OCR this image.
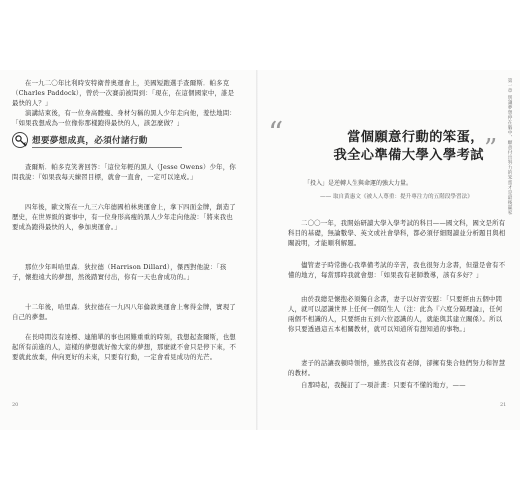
在一九二〇年比利時安特衛普奧運會上，美國短跑選手查爾斯．帕多克（Charles Paddock），曾於一次賽前被問到：「現在，在這個國家中，誰是最快的人？」

演講結束後，有一位身高體瘦、身材匀稱的黑人少年走向他，羞怯地問：「如果我想成為一位像你那樣跑得最快的人，該怎麼做？」

想要夢想成真，必須付諸行動

查爾斯．帕多克笑著回答：「這位年輕的黑人（Jesse Owens）少年，你問我說：『如果我每天練習目標，就會一直會，一定可以達成。」

四年後，歐文斯在一九三六年德國柏林奧運會上，拿下四面金牌，創造了歷史，在世界級的賽事中，有一位身形高瘦的黑人少年走向他說：「將來我也要成為跑得最快的人，參加奧運會。」

那位少年叫哈里森．狄拉德（Harrison Dillard），傑西對他說：「孩子，懷抱遠大的夢想，然後踏實付出，你有一天也會成功的。」

十二年後，哈里森．狄拉德在一九四八年倫敦奧運會上奪得金牌，實現了自己的夢想。

在長時間沒有達標、連簡單的事也困難重重的時刻，我想起查爾斯，也想起所有前進的人，這樣的夢想就好像大家的夢想，那麼就不會只是停下來，不要就此放棄，伸向更好的未來，只要有行動，一定會看見成功的光芒。

20
第一章 別讓夢想停在腦中，願意付出努力的笨蛋才是最後贏家
“	當個願意行動的笨蛋，
我全心準備大學入學考試 ”
「投入」是逆轉人生與命運的強大力量。
—— 取自黃惠文《被人人尊重：提升專注力的五階段學習法》

二〇〇一年，我開始研讀大學入學考試的科目——國文科，國文是所有科目的基礎，無論數學、英文或社會學科，都必須仔細閱讀並分析題目與相關說明，才能順利解題。

儘管妻子時常擔心我準備考試的辛苦，我也很努力念書，但還是會有不懂的地方，每當那時我就會想：「如果我有老師教導，該有多好？」

由於我總是懷抱必須獨自念書，妻子以好習安慰：「只要經由五個中間人，就可以認識世界上任何一個陌生人（注：此為『六度分隔理論』，任何兩個不相識的人，只要經由五到六位認識的人，就能與其建立關係）。所以你只要透過這五本相關教材，就可以知道所有想知道的事物。」

妻子的話讓我頓時領悟，雖然我沒有老師，卻擁有集合他們努力和智慧的教材。

自那時起，我擬訂了一項計畫：只要有不懂的地方，——

21
